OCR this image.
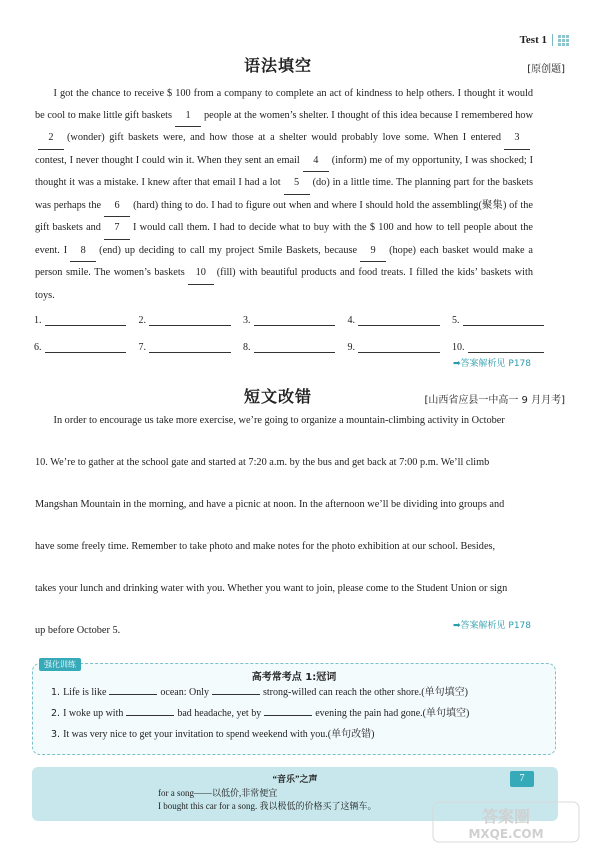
Test 1
语法填空	[原创题]

I got the chance to receive $ 100 from a company to complete an act of kindness to help others. I thought it would be cool to make little gift baskets 1 people at the women’s shelter. I thought of this idea because I remembered how2 (wonder) gift baskets were, and how those at a shelter would probably love some. When I entered 3contest, I never thought I could win it. When they sent an email 4 (inform) me of my opportunity, I was shocked; I thought it was a mistake. I knew after that email I had a lot 5 (do) in a little time. The planning part for the baskets was perhaps the 6 (hard) thing to do. I had to figure out when and where I should hold the assembling(聚集) of the gift baskets and 7 I would call them. I had to decide what to buy with the $ 100 and how to tell people about the event. I 8 (end) up deciding to call my project Smile Baskets, because 9 (hope) each basket would make a person smile. The women’s baskets 10 (fill) with beautiful products and food treats. I filled the kids’ baskets with toys.

1.	2.	3.	4.	5.
6.	7.	8.	9.	10.
➡答案解析见 P178
短文改错	[山西省应县一中高一 9 月月考]
In order to encourage us take more exercise, we’re going to organize a mountain-climbing activity in October
10. We’re to gather at the school gate and started at 7:20 a.m. by the bus and get back at 7:00 p.m. We’ll climb
Mangshan Mountain in the morning, and have a picnic at noon. In the afternoon we’ll be dividing into groups and
have some freely time. Remember to take photo and make notes for the photo exhibition at our school. Besides,
takes your lunch and drinking water with you. Whether you want to join, please come to the Student Union or sign
up before October 5.	➡答案解析见 P178
强化训练
高考常考点 1:冠词
1. Life is like	ocean: Only	strong-willed can reach the other shore.(单句填空)
2. I woke up with	bad headache, yet by	evening the pain had gone.(单句填空)
3. It was very nice to get your invitation to spend weekend with you.(单句改错)
“音乐”之声
for a song——以低价,非常便宜
I bought this car for a song. 我以极低的价格买了这辆车。
7
答案圈
MXQE.COM
